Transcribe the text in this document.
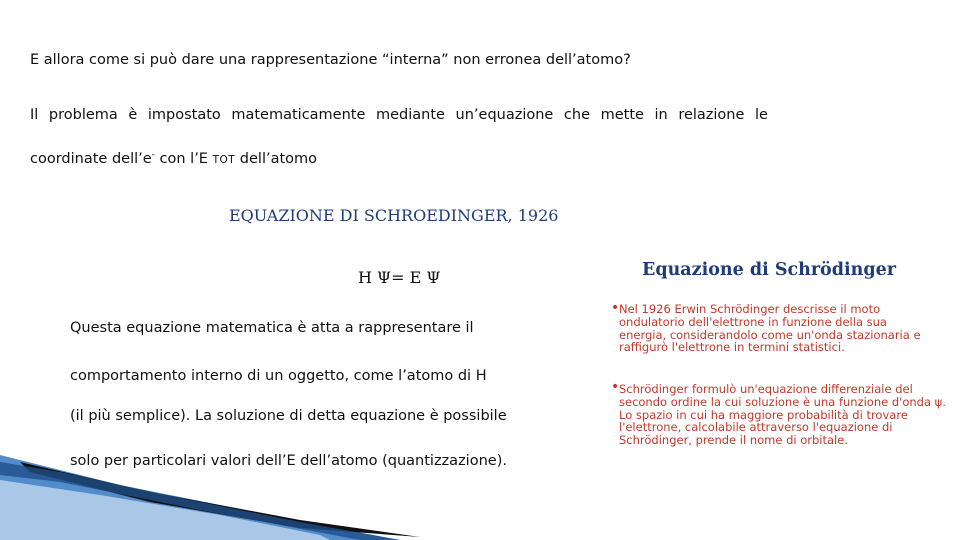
E allora come si può dare una rappresentazione “interna” non erronea dell’atomo?
Il problema è impostato matematicamente mediante un’equazione che mette in relazione le
coordinate dell’e- con l’E TOT dell’atomo
EQUAZIONE DI SCHROEDINGER, 1926
H Ψ= E Ψ
Questa equazione matematica è atta a rappresentare il
comportamento interno di un oggetto, come l’atomo di H
(il più semplice). La soluzione di detta equazione è possibile
solo per particolari valori dell’E dell’atomo (quantizzazione).
Equazione di Schrödinger
• Nel 1926 Erwin Schrödinger descrisse il moto
ondulatorio dell'elettrone in funzione della sua
energia, considerandolo come un'onda stazionaria e
raffigurò l'elettrone in termini statistici.
• Schrödinger formulò un'equazione differenziale del
secondo ordine la cui soluzione è una funzione d'onda ψ.
Lo spazio in cui ha maggiore probabilità di trovare
l'elettrone, calcolabile attraverso l'equazione di
Schrödinger, prende il nome di orbitale.
